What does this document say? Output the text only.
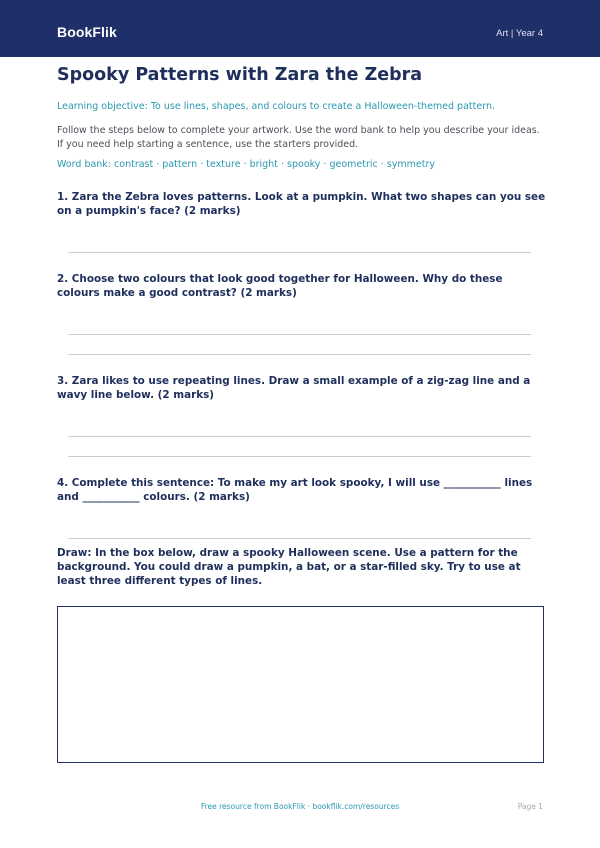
BookFlik	Art | Year 4
Spooky Patterns with Zara the Zebra
Learning objective: To use lines, shapes, and colours to create a Halloween-themed pattern.
Follow the steps below to complete your artwork. Use the word bank to help you describe your ideas. If you need help starting a sentence, use the starters provided.
Word bank: contrast · pattern · texture · bright · spooky · geometric · symmetry
1. Zara the Zebra loves patterns. Look at a pumpkin. What two shapes can you see on a pumpkin's face? (2 marks)
2. Choose two colours that look good together for Halloween. Why do these colours make a good contrast? (2 marks)
3. Zara likes to use repeating lines. Draw a small example of a zig-zag line and a wavy line below. (2 marks)
4. Complete this sentence: To make my art look spooky, I will use ___________ lines and ___________ colours. (2 marks)
Draw: In the box below, draw a spooky Halloween scene. Use a pattern for the background. You could draw a pumpkin, a bat, or a star-filled sky. Try to use at least three different types of lines.
Free resource from BookFlik · bookflik.com/resources	Page 1
